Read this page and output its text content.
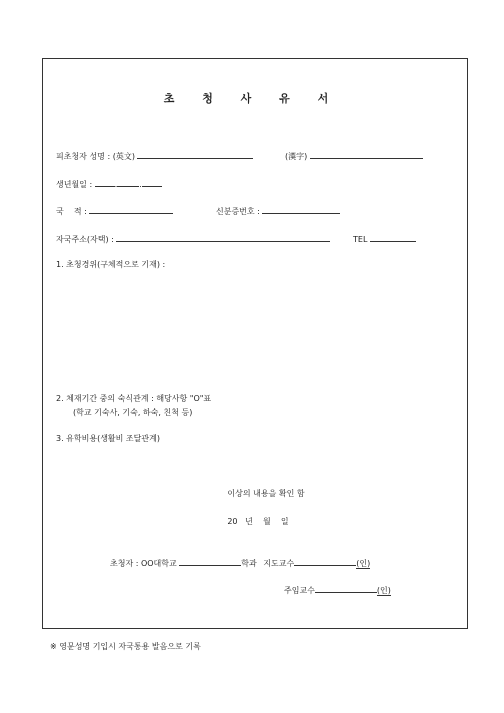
초 청 사 유 서
피초청자 성명 : (英文)	(漢字)
생년월일 :	.	.
국    적 :	신분증번호 :
자국주소(자택) :	TEL
1. 초청경위(구체적으로 기재) :
2. 체재기간 중의 숙식관계 : 해당사항 "O"표
(학교 기숙사, 기숙, 하숙, 친척 등)
3. 유학비용(생활비 조달관계)
이상의 내용을 확인 함
20   년    월    일
초청자 : OO대학교	학과 지도교수	(인)
주임교수	(인)
※ 영문성명 기입시 자국통용 발음으로 기록
